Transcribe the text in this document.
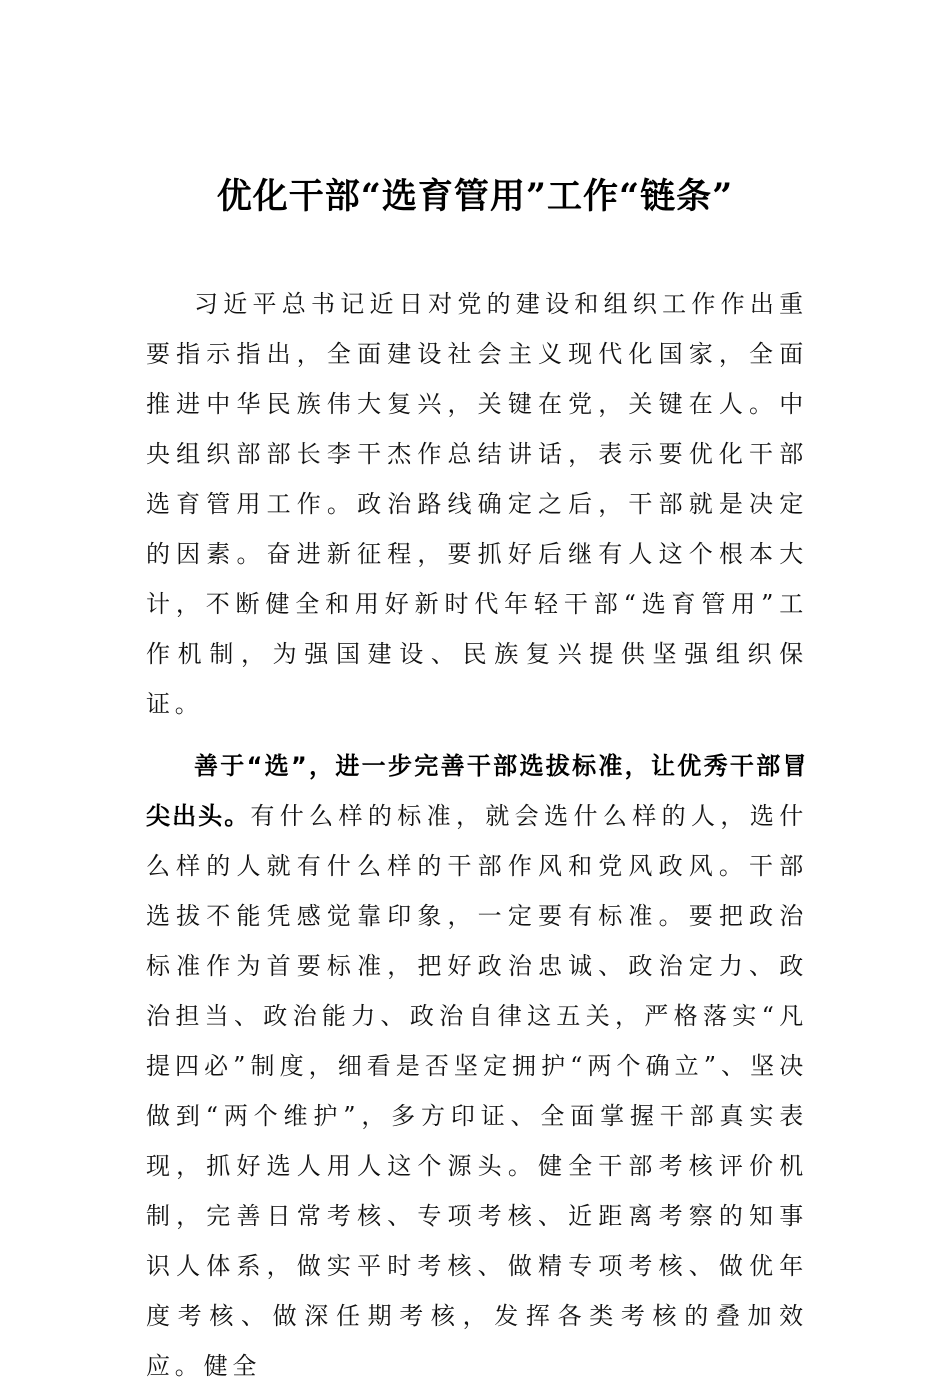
优化干部“选育管用”工作“链条”

习近平总书记近日对党的建设和组织工作作出重要指示指出，全面建设社会主义现代化国家，全面推进中华民族伟大复兴，关键在党，关键在人。中央组织部部长李干杰作总结讲话，表示要优化干部选育管用工作。政治路线确定之后，干部就是决定的因素。奋进新征程，要抓好后继有人这个根本大计，不断健全和用好新时代年轻干部“选育管用”工作机制，为强国建设、民族复兴提供坚强组织保证。

善于“选”，进一步完善干部选拔标准，让优秀干部冒尖出头。有什么样的标准，就会选什么样的人，选什么样的人就有什么样的干部作风和党风政风。干部选拔不能凭感觉靠印象，一定要有标准。要把政治标准作为首要标准，把好政治忠诚、政治定力、政治担当、政治能力、政治自律这五关，严格落实“凡提四必”制度，细看是否坚定拥护“两个确立”、坚决做到“两个维护”，多方印证、全面掌握干部真实表现，抓好选人用人这个源头。健全干部考核评价机制，完善日常考核、专项考核、近距离考察的知事识人体系，做实平时考核、做精专项考核、做优年度考核、做深任期考核，发挥各类考核的叠加效应。健全
